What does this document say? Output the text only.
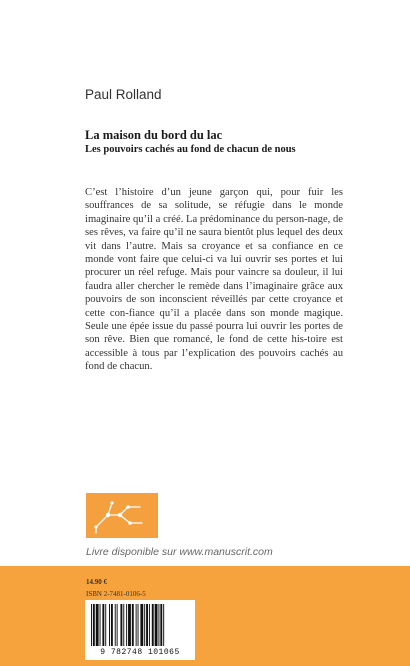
Paul Rolland
La maison du bord du lac
Les pouvoirs cachés au fond de chacun de nous

C’est l’histoire d’un jeune garçon qui, pour fuir les souffrances de sa solitude, se réfugie dans le monde imaginaire qu’il a créé. La prédominance du person-nage, de ses rêves, va faire qu’il ne saura bientôt plus lequel des deux vit dans l’autre. Mais sa croyance et sa confiance en ce monde vont faire que celui-ci va lui ouvrir ses portes et lui procurer un réel refuge. Mais pour vaincre sa douleur, il lui faudra aller chercher le remède dans l’imaginaire grâce aux pouvoirs de son inconscient réveillés par cette croyance et cette con-fiance qu’il a placée dans son monde magique. Seule une épée issue du passé pourra lui ouvrir les portes de son rêve. Bien que romancé, le fond de cette his-toire est accessible à tous par l’explication des pouvoirs cachés au fond de chacun.

Livre disponible sur www.manuscrit.com
14.90 €
ISBN 2-7481-0106-5
9 782748 101065
